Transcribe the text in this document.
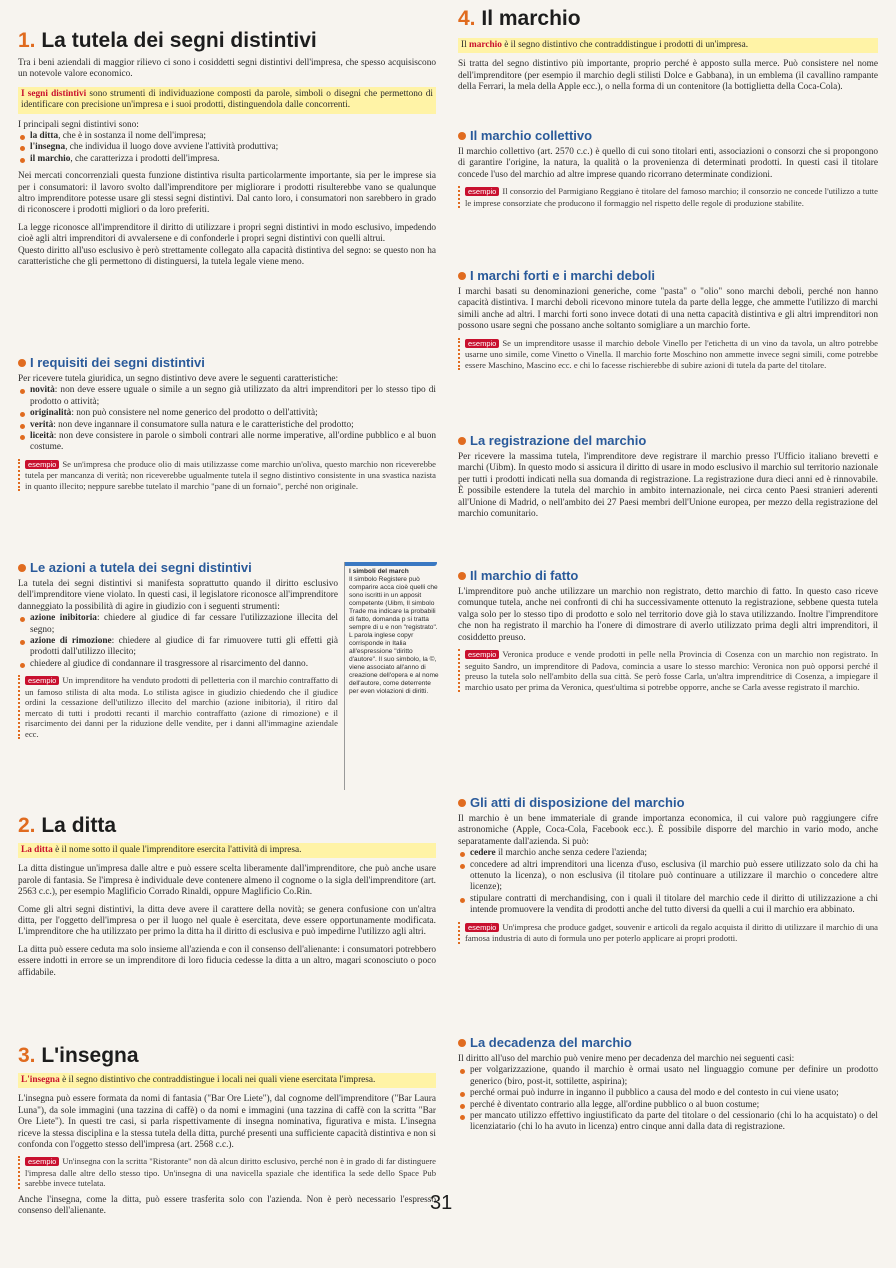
1. La tutela dei segni distintivi

Tra i beni aziendali di maggior rilievo ci sono i cosiddetti segni distintivi dell'impresa, che spesso acquisiscono un notevole valore economico.

I segni distintivi sono strumenti di individuazione composti da parole, simboli o disegni che permettono di identificare con precisione un'impresa e i suoi prodotti, distinguendola dalle concorrenti.

I principali segni distintivi sono:

la ditta, che è in sostanza il nome dell'impresa;
l'insegna, che individua il luogo dove avviene l'attività produttiva;
il marchio, che caratterizza i prodotti dell'impresa.

Nei mercati concorrenziali questa funzione distintiva risulta particolarmente importante, sia per le imprese sia per i consumatori: il lavoro svolto dall'imprenditore per migliorare i prodotti risulterebbe vano se qualunque altro imprenditore potesse usare gli stessi segni distintivi. Dal canto loro, i consumatori non sarebbero in grado di riconoscere i prodotti migliori o da loro preferiti.

La legge riconosce all'imprenditore il diritto di utilizzare i propri segni distintivi in modo esclusivo, impedendo cioè agli altri imprenditori di avvalersene e di confonderle i propri segni distintivi con quelli altrui.

Questo diritto all'uso esclusivo è però strettamente collegato alla capacità distintiva del segno: se questo non ha caratteristiche che gli permettono di distinguersi, la tutela legale viene meno.

I requisiti dei segni distintivi

Per ricevere tutela giuridica, un segno distintivo deve avere le seguenti caratteristiche:

novità: non deve essere uguale o simile a un segno già utilizzato da altri imprenditori per lo stesso tipo di prodotto o attività;
originalità: non può consistere nel nome generico del prodotto o dell'attività;
verità: non deve ingannare il consumatore sulla natura e le caratteristiche del prodotto;
liceità: non deve consistere in parole o simboli contrari alle norme imperative, all'ordine pubblico e al buon costume.

esempio Se un'impresa che produce olio di mais utilizzasse come marchio un'oliva, questo marchio non riceverebbe tutela per mancanza di verità; non riceverebbe ugualmente tutela il segno distintivo consistente in una svastica nazista in quanto illecito; neppure sarebbe tutelato il marchio "pane di un fornaio", perché non originale.

Le azioni a tutela dei segni distintivi

La tutela dei segni distintivi si manifesta soprattutto quando il diritto esclusivo dell'imprenditore viene violato. In questi casi, il legislatore riconosce all'imprenditore danneggiato la possibilità di agire in giudizio con i seguenti strumenti:

azione inibitoria: chiedere al giudice di far cessare l'utilizzazione illecita del segno;
azione di rimozione: chiedere al giudice di far rimuovere tutti gli effetti già prodotti dall'utilizzo illecito;
chiedere al giudice di condannare il trasgressore al risarcimento del danno.

esempio Un imprenditore ha venduto prodotti di pelletteria con il marchio contraffatto di un famoso stilista di alta moda. Lo stilista agisce in giudizio chiedendo che il giudice ordini la cessazione dell'utilizzo illecito del marchio (azione inibitoria), il ritiro dal mercato di tutti i prodotti recanti il marchio contraffatto (azione di rimozione) e il risarcimento dei danni per la riduzione delle vendite, per i danni all'immagine aziendale ecc.

I simboli del march

Il simbolo Registere può comparire acca cioè quelli che sono iscritti in un apposit competente (Uibm, Il simbolo Trade ma indicare la probabili di fatto, domanda p si tratta sempre di u e non "registrato". L parola inglese copyr corrisponde in Italia all'espressione "diritto d'autore". Il suo simbolo, la ©, viene associato all'anno di creazione dell'opera e al nome dell'autore, come deterrente per even violazioni di diritti.

2. La ditta

La ditta è il nome sotto il quale l'imprenditore esercita l'attività di impresa.

La ditta distingue un'impresa dalle altre e può essere scelta liberamente dall'imprenditore, che può anche usare parole di fantasia. Se l'impresa è individuale deve contenere almeno il cognome o la sigla dell'imprenditore (art. 2563 c.c.), per esempio Maglificio Corrado Rinaldi, oppure Maglificio Co.Rin.

Come gli altri segni distintivi, la ditta deve avere il carattere della novità; se genera confusione con un'altra ditta, per l'oggetto dell'impresa o per il luogo nel quale è esercitata, deve essere opportunamente modificata. L'imprenditore che ha utilizzato per primo la ditta ha il diritto di esclusiva e può impedirne l'utilizzo agli altri.

La ditta può essere ceduta ma solo insieme all'azienda e con il consenso dell'alienante: i consumatori potrebbero essere indotti in errore se un imprenditore di loro fiducia cedesse la ditta a un altro, magari sconosciuto o poco affidabile.

3. L'insegna

L'insegna è il segno distintivo che contraddistingue i locali nei quali viene esercitata l'impresa.

L'insegna può essere formata da nomi di fantasia ("Bar Ore Liete"), dal cognome dell'imprenditore ("Bar Laura Luna"), da sole immagini (una tazzina di caffè) o da nomi e immagini (una tazzina di caffè con la scritta "Bar Ore Liete"). In questi tre casi, si parla rispettivamente di insegna nominativa, figurativa e mista. L'insegna riceve la stessa disciplina e la stessa tutela della ditta, purché presenti una sufficiente capacità distintiva e non si confonda con l'oggetto stesso dell'impresa (art. 2568 c.c.).

esempio Un'insegna con la scritta "Ristorante" non dà alcun diritto esclusivo, perché non è in grado di far distinguere l'impresa dalle altre dello stesso tipo. Un'insegna di una navicella spaziale che identifica la sede dello Space Pub sarebbe invece tutelata.

Anche l'insegna, come la ditta, può essere trasferita solo con l'azienda. Non è però necessario l'espresso consenso dell'alienante.

4. Il marchio

Il marchio è il segno distintivo che contraddistingue i prodotti di un'impresa.

Si tratta del segno distintivo più importante, proprio perché è apposto sulla merce. Può consistere nel nome dell'imprenditore (per esempio il marchio degli stilisti Dolce e Gabbana), in un emblema (il cavallino rampante della Ferrari, la mela della Apple ecc.), o nella forma di un contenitore (la bottiglietta della Coca-Cola).

Il marchio collettivo

Il marchio collettivo (art. 2570 c.c.) è quello di cui sono titolari enti, associazioni o consorzi che si propongono di garantire l'origine, la natura, la qualità o la provenienza di determinati prodotti. In questi casi il titolare concede l'uso del marchio ad altre imprese quando ricorrano determinate condizioni.

esempio Il consorzio del Parmigiano Reggiano è titolare del famoso marchio; il consorzio ne concede l'utilizzo a tutte le imprese consorziate che producono il formaggio nel rispetto delle regole di produzione stabilite.

I marchi forti e i marchi deboli

I marchi basati su denominazioni generiche, come "pasta" o "olio" sono marchi deboli, perché non hanno capacità distintiva. I marchi deboli ricevono minore tutela da parte della legge, che ammette l'utilizzo di marchi simili anche ad altri. I marchi forti sono invece dotati di una netta capacità distintiva e gli altri imprenditori non possono usare segni che possano anche soltanto somigliare a un marchio forte.

esempio Se un imprenditore usasse il marchio debole Vinello per l'etichetta di un vino da tavola, un altro potrebbe usarne uno simile, come Vinetto o Vinella. Il marchio forte Moschino non ammette invece segni simili, come potrebbe essere Maschino, Mascino ecc. e chi lo facesse rischierebbe di subire azioni di tutela da parte del titolare.

La registrazione del marchio

Per ricevere la massima tutela, l'imprenditore deve registrare il marchio presso l'Ufficio italiano brevetti e marchi (Uibm). In questo modo si assicura il diritto di usare in modo esclusivo il marchio sul territorio nazionale per tutti i prodotti indicati nella sua domanda di registrazione. La registrazione dura dieci anni ed è rinnovabile. È possibile estendere la tutela del marchio in ambito internazionale, nei circa cento Paesi stranieri aderenti all'Unione di Madrid, o nell'ambito dei 27 Paesi membri dell'Unione europea, per mezzo della registrazione del marchio comunitario.

Il marchio di fatto

L'imprenditore può anche utilizzare un marchio non registrato, detto marchio di fatto. In questo caso riceve comunque tutela, anche nei confronti di chi ha successivamente ottenuto la registrazione, sebbene questa tutela valga solo per lo stesso tipo di prodotto e solo nel territorio dove già lo stava utilizzando. Inoltre l'imprenditore che non ha registrato il marchio ha l'onere di dimostrare di averlo utilizzato prima degli altri imprenditori, il cosiddetto preuso.

esempio Veronica produce e vende prodotti in pelle nella Provincia di Cosenza con un marchio non registrato. In seguito Sandro, un imprenditore di Padova, comincia a usare lo stesso marchio: Veronica non può opporsi perché il preuso la tutela solo nell'ambito della sua città. Se però fosse Carla, un'altra imprenditrice di Cosenza, a impiegare il marchio usato per prima da Veronica, quest'ultima si potrebbe opporre, anche se Carla avesse registrato il marchio.

Gli atti di disposizione del marchio

Il marchio è un bene immateriale di grande importanza economica, il cui valore può raggiungere cifre astronomiche (Apple, Coca-Cola, Facebook ecc.). È possibile disporre del marchio in vario modo, anche separatamente dall'azienda. Si può:

cedere il marchio anche senza cedere l'azienda;
concedere ad altri imprenditori una licenza d'uso, esclusiva (il marchio può essere utilizzato solo da chi ha ottenuto la licenza), o non esclusiva (il titolare può continuare a utilizzare il marchio o concedere altre licenze);
stipulare contratti di merchandising, con i quali il titolare del marchio cede il diritto di utilizzazione a chi intende promuovere la vendita di prodotti anche del tutto diversi da quelli a cui il marchio era abbinato.

esempio Un'impresa che produce gadget, souvenir e articoli da regalo acquista il diritto di utilizzare il marchio di una famosa industria di auto di formula uno per poterlo applicare ai propri prodotti.

La decadenza del marchio

Il diritto all'uso del marchio può venire meno per decadenza del marchio nei seguenti casi:

per volgarizzazione, quando il marchio è ormai usato nel linguaggio comune per definire un prodotto generico (biro, post-it, sottilette, aspirina);
perché ormai può indurre in inganno il pubblico a causa del modo e del contesto in cui viene usato;
perché è diventato contrario alla legge, all'ordine pubblico o al buon costume;
per mancato utilizzo effettivo ingiustificato da parte del titolare o del cessionario (chi lo ha acquistato) o del licenziatario (chi lo ha avuto in licenza) entro cinque anni dalla data di registrazione.
31
